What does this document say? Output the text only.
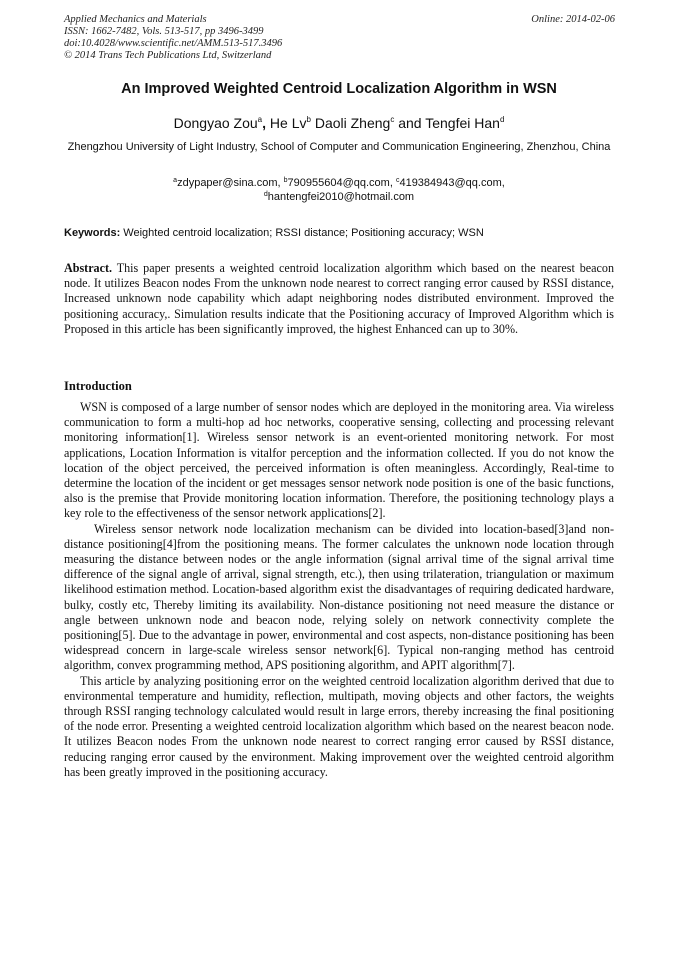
Applied Mechanics and Materials
ISSN: 1662-7482, Vols. 513-517, pp 3496-3499
doi:10.4028/www.scientific.net/AMM.513-517.3496
© 2014 Trans Tech Publications Ltd, Switzerland
Online: 2014-02-06
An Improved Weighted Centroid Localization Algorithm in WSN
Dongyao Zou$^a$, He Lv$^b$ Daoli Zheng$^c$ and Tengfei Han$^d$
Zhengzhou University of Light Industry, School of Computer and Communication Engineering, Zhenzhou, China
$^a$zdypaper@sina.com, $^b$790955604@qq.com, $^c$419384943@qq.com,
$^d$hantengfei2010@hotmail.com
Keywords: Weighted centroid localization; RSSI distance; Positioning accuracy; WSN
Abstract. This paper presents a weighted centroid localization algorithm which based on the nearest beacon node. It utilizes Beacon nodes From the unknown node nearest to correct ranging error caused by RSSI distance, Increased unknown node capability which adapt neighboring nodes distributed environment. Improved the positioning accuracy,. Simulation results indicate that the Positioning accuracy of Improved Algorithm which is Proposed in this article has been significantly improved, the highest Enhanced can up to 30%.
Introduction

WSN is composed of a large number of sensor nodes which are deployed in the monitoring area. Via wireless communication to form a multi-hop ad hoc networks, cooperative sensing, collecting and processing relevant monitoring information[1]. Wireless sensor network is an event-oriented monitoring network. For most applications, Location Information is vitalfor perception and the information collected. If you do not know the location of the object perceived, the perceived information is often meaningless. Accordingly, Real-time to determine the location of the incident or get messages sensor network node position is one of the basic functions, also is the premise that Provide monitoring location information. Therefore, the positioning technology plays a key role to the effectiveness of the sensor network applications[2].

Wireless sensor network node localization mechanism can be divided into location-based[3]and non-distance positioning[4]from the positioning means. The former calculates the unknown node location through measuring the distance between nodes or the angle information (signal arrival time of the signal arrival time difference of the signal angle of arrival, signal strength, etc.), then using trilateration, triangulation or maximum likelihood estimation method. Location-based algorithm exist the disadvantages of requiring dedicated hardware, bulky, costly etc, Thereby limiting its availability. Non-distance positioning not need measure the distance or angle between unknown node and beacon node, relying solely on network connectivity complete the positioning[5]. Due to the advantage in power, environmental and cost aspects, non-distance positioning has been widespread concern in large-scale wireless sensor network[6]. Typical non-ranging method has centroid algorithm, convex programming method, APS positioning algorithm, and APIT algorithm[7].

This article by analyzing positioning error on the weighted centroid localization algorithm derived that due to environmental temperature and humidity, reflection, multipath, moving objects and other factors, the weights through RSSI ranging technology calculated would result in large errors, thereby increasing the final positioning of the node error. Presenting a weighted centroid localization algorithm which based on the nearest beacon node. It utilizes Beacon nodes From the unknown node nearest to correct ranging error caused by RSSI distance, reducing ranging error caused by the environment. Making improvement over the weighted centroid algorithm has been greatly improved in the positioning accuracy.
